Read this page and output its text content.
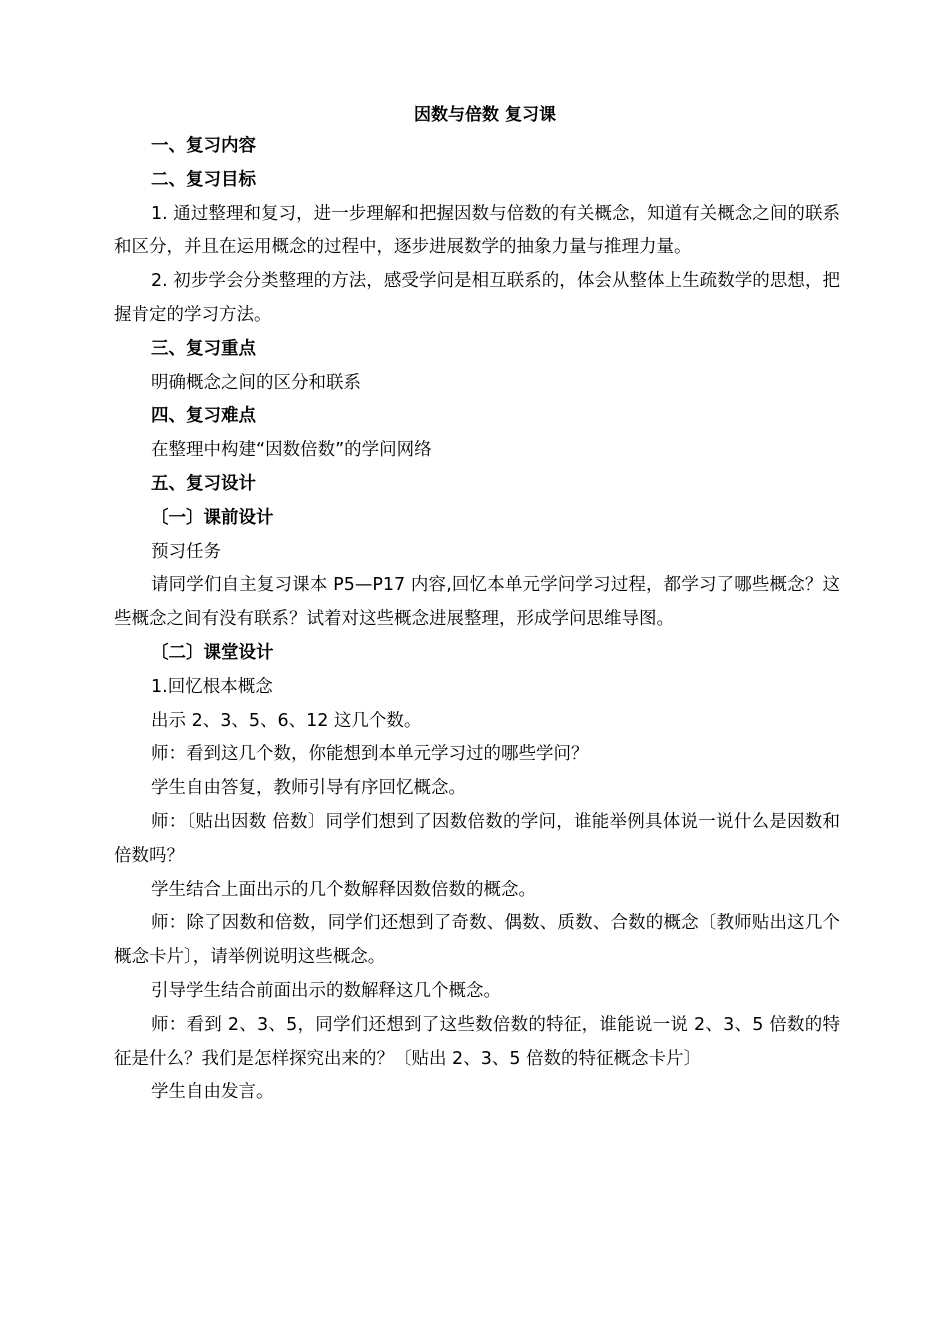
因数与倍数 复习课

一、复习内容

二、复习目标

1. 通过整理和复习，进一步理解和把握因数与倍数的有关概念，知道有关概念之间的联系和区分，并且在运用概念的过程中，逐步进展数学的抽象力量与推理力量。

2. 初步学会分类整理的方法，感受学问是相互联系的，体会从整体上生疏数学的思想，把握肯定的学习方法。

三、复习重点

明确概念之间的区分和联系

四、复习难点

在整理中构建“因数倍数”的学问网络

五、复习设计

〔一〕课前设计

预习任务

请同学们自主复习课本 P5—P17 内容,回忆本单元学问学习过程，都学习了哪些概念？这些概念之间有没有联系？试着对这些概念进展整理，形成学问思维导图。

〔二〕课堂设计

1.回忆根本概念

出示 2、3、5、6、12 这几个数。

师：看到这几个数，你能想到本单元学习过的哪些学问？

学生自由答复，教师引导有序回忆概念。

师：〔贴出因数 倍数〕同学们想到了因数倍数的学问，谁能举例具体说一说什么是因数和倍数吗？

学生结合上面出示的几个数解释因数倍数的概念。

师：除了因数和倍数，同学们还想到了奇数、偶数、质数、合数的概念〔教师贴出这几个概念卡片〕，请举例说明这些概念。

引导学生结合前面出示的数解释这几个概念。

师：看到 2、3、5，同学们还想到了这些数倍数的特征，谁能说一说 2、3、5 倍数的特征是什么？我们是怎样探究出来的？〔贴出 2、3、5 倍数的特征概念卡片〕

学生自由发言。
